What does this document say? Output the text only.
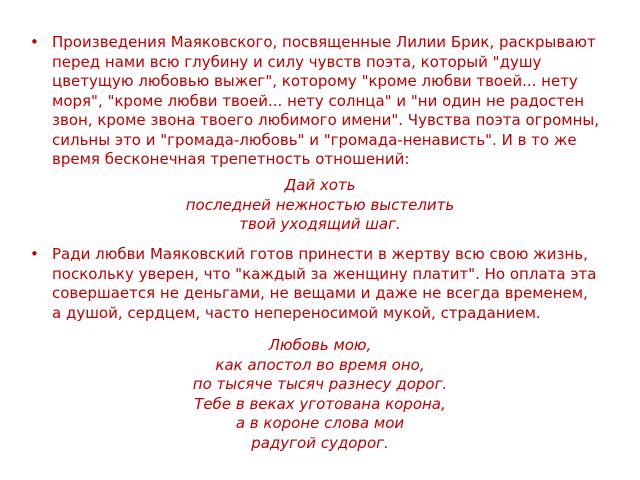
• Произведения Маяковского, посвященные Лилии Брик, раскрывают перед нами всю глубину и силу чувств поэта, который "душу цветущую любовью выжег", которому "кроме любви твоей... нету моря", "кроме любви твоей... нету солнца" и "ни один не радостен звон, кроме звона твоего любимого имени". Чувства поэта огромны, сильны это и "громада-любовь" и "громада-ненависть". И в то же время бесконечная трепетность отношений:
Дай хоть
последней нежностью выстелить
твой уходящий шаг.
• Ради любви Маяковский готов принести в жертву всю свою жизнь, поскольку уверен, что "каждый за женщину платит". Но оплата эта совершается не деньгами, не вещами и даже не всегда временем, а душой, сердцем, часто непереносимой мукой, страданием.
Любовь мою,
как апостол во время оно,
по тысяче тысяч разнесу дорог.
Тебе в веках уготована корона,
а в короне слова мои
радугой судорог.
